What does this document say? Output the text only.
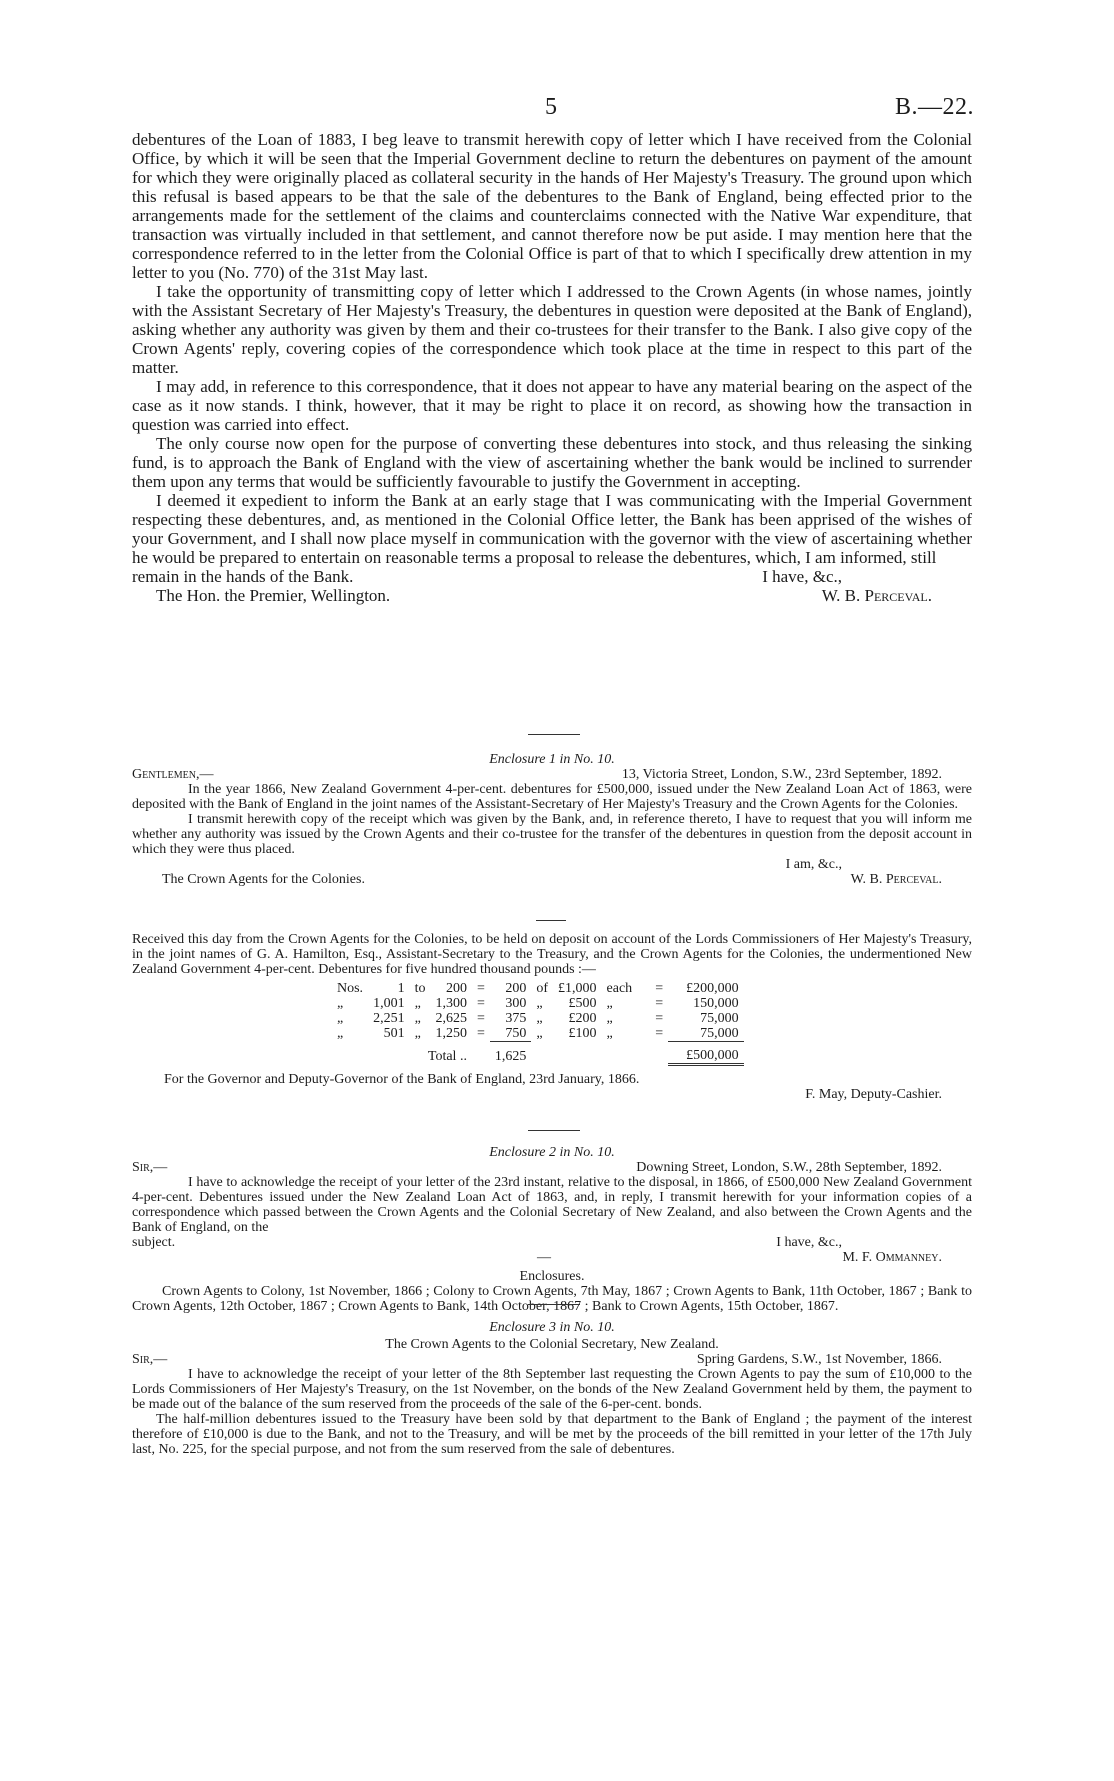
5	B.—22.

debentures of the Loan of 1883, I beg leave to transmit herewith copy of letter which I have received from the Colonial Office, by which it will be seen that the Imperial Government decline to return the debentures on payment of the amount for which they were originally placed as collateral security in the hands of Her Majesty's Treasury. The ground upon which this refusal is based appears to be that the sale of the debentures to the Bank of England, being effected prior to the arrangements made for the settlement of the claims and counterclaims connected with the Native War expenditure, that transaction was virtually included in that settlement, and cannot therefore now be put aside. I may mention here that the correspondence referred to in the letter from the Colonial Office is part of that to which I specifically drew attention in my letter to you (No. 770) of the 31st May last.

I take the opportunity of transmitting copy of letter which I addressed to the Crown Agents (in whose names, jointly with the Assistant Secretary of Her Majesty's Treasury, the debentures in question were deposited at the Bank of England), asking whether any authority was given by them and their co-trustees for their transfer to the Bank. I also give copy of the Crown Agents' reply, covering copies of the correspondence which took place at the time in respect to this part of the matter.

I may add, in reference to this correspondence, that it does not appear to have any material bearing on the aspect of the case as it now stands. I think, however, that it may be right to place it on record, as showing how the transaction in question was carried into effect.

The only course now open for the purpose of converting these debentures into stock, and thus releasing the sinking fund, is to approach the Bank of England with the view of ascertaining whether the bank would be inclined to surrender them upon any terms that would be sufficiently favourable to justify the Government in accepting.

I deemed it expedient to inform the Bank at an early stage that I was communicating with the Imperial Government respecting these debentures, and, as mentioned in the Colonial Office letter, the Bank has been apprised of the wishes of your Government, and I shall now place myself in communication with the governor with the view of ascertaining whether he would be prepared to entertain on reasonable terms a proposal to release the debentures, which, I am informed, still

remain in the hands of the Bank.	I have, &c.,
The Hon. the Premier, Wellington.	W. B. Perceval.
Enclosure 1 in No. 10.
Gentlemen,—	13, Victoria Street, London, S.W., 23rd September, 1892.

In the year 1866, New Zealand Government 4-per-cent. debentures for £500,000, issued under the New Zealand Loan Act of 1863, were deposited with the Bank of England in the joint names of the Assistant-Secretary of Her Majesty's Treasury and the Crown Agents for the Colonies.

I transmit herewith copy of the receipt which was given by the Bank, and, in reference thereto, I have to request that you will inform me whether any authority was issued by the Crown Agents and their co-trustee for the transfer of the debentures in question from the deposit account in which they were thus placed.

I am, &c.,
The Crown Agents for the Colonies.	W. B. Perceval.

Received this day from the Crown Agents for the Colonies, to be held on deposit on account of the Lords Commissioners of Her Majesty's Treasury, in the joint names of G. A. Hamilton, Esq., Assistant-Secretary to the Treasury, and the Crown Agents for the Colonies, the undermentioned New Zealand Government 4-per-cent. Debentures for five hundred thousand pounds :—

Nos.	1	to	200	=	200	of	£1,000	each	=	£200,000
„	1,001	„	1,300	=	300	„	£500	„	=	150,000
„	2,251	„	2,625	=	375	„	£200	„	=	75,000
„	501	„	1,250	=	750	„	£100	„	=	75,000
Total ..					1,625					£500,000
For the Governor and Deputy-Governor of the Bank of England, 23rd January, 1866.
F. May, Deputy-Cashier.
Enclosure 2 in No. 10.
Sir,—	Downing Street, London, S.W., 28th September, 1892.

I have to acknowledge the receipt of your letter of the 23rd instant, relative to the disposal, in 1866, of £500,000 New Zealand Government 4-per-cent. Debentures issued under the New Zealand Loan Act of 1863, and, in reply, I transmit herewith for your information copies of a correspondence which passed between the Crown Agents and the Colonial Secretary of New Zealand, and also between the Crown Agents and the Bank of England, on the

subject.	I have, &c.,
—	M. F. Ommanney.
Enclosures.

Crown Agents to Colony, 1st November, 1866 ; Colony to Crown Agents, 7th May, 1867 ; Crown Agents to Bank, 11th October, 1867 ; Bank to Crown Agents, 12th October, 1867 ; Crown Agents to Bank, 14th October, 1867 ; Bank to Crown Agents, 15th October, 1867.

Enclosure 3 in No. 10.
The Crown Agents to the Colonial Secretary, New Zealand.
Sir,—	Spring Gardens, S.W., 1st November, 1866.

I have to acknowledge the receipt of your letter of the 8th September last requesting the Crown Agents to pay the sum of £10,000 to the Lords Commissioners of Her Majesty's Treasury, on the 1st November, on the bonds of the New Zealand Government held by them, the payment to be made out of the balance of the sum reserved from the proceeds of the sale of the 6-per-cent. bonds.

The half-million debentures issued to the Treasury have been sold by that department to the Bank of England ; the payment of the interest therefore of £10,000 is due to the Bank, and not to the Treasury, and will be met by the proceeds of the bill remitted in your letter of the 17th July last, No. 225, for the special purpose, and not from the sum reserved from the sale of debentures.
